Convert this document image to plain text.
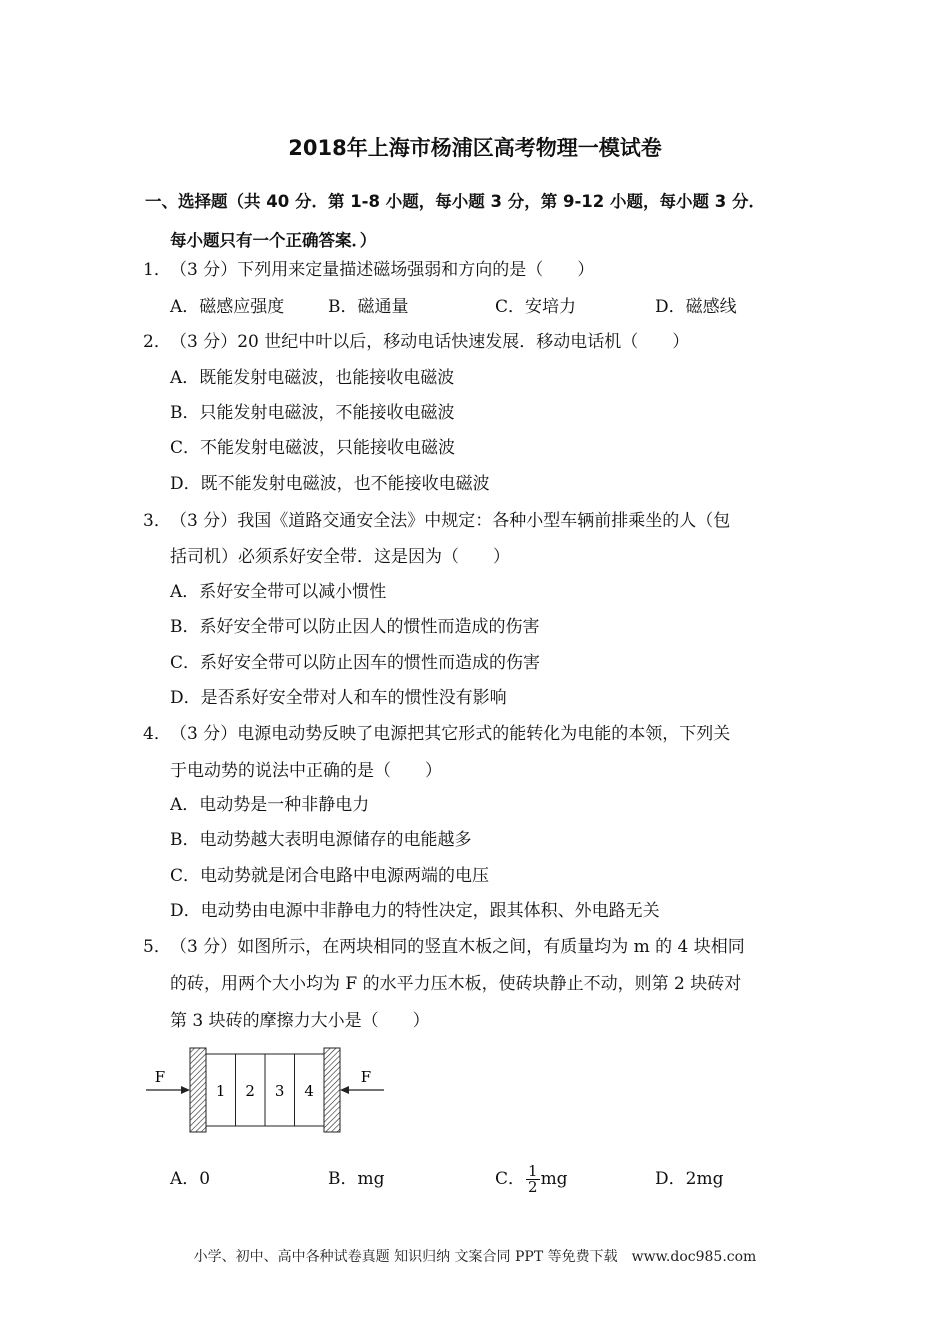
2018年上海市杨浦区高考物理一模试卷
一、选择题（共 40 分．第 1-8 小题，每小题 3 分，第 9-12 小题，每小题 3 分．
每小题只有一个正确答案．）
1． （3 分）下列用来定量描述磁场强弱和方向的是（　　）
A．磁感应强度	B．磁通量	C．安培力	D．磁感线
2． （3 分）20 世纪中叶以后，移动电话快速发展．移动电话机（　　）
A．既能发射电磁波，也能接收电磁波
B．只能发射电磁波，不能接收电磁波
C．不能发射电磁波，只能接收电磁波
D．既不能发射电磁波，也不能接收电磁波
3． （3 分）我国《道路交通安全法》中规定：各种小型车辆前排乘坐的人（包
括司机）必须系好安全带．这是因为（　　）
A．系好安全带可以减小惯性
B．系好安全带可以防止因人的惯性而造成的伤害
C．系好安全带可以防止因车的惯性而造成的伤害
D．是否系好安全带对人和车的惯性没有影响
4． （3 分）电源电动势反映了电源把其它形式的能转化为电能的本领，下列关
于电动势的说法中正确的是（　　）
A．电动势是一种非静电力
B．电动势越大表明电源储存的电能越多
C．电动势就是闭合电路中电源两端的电压
D．电动势由电源中非静电力的特性决定，跟其体积、外电路无关
5． （3 分）如图所示，在两块相同的竖直木板之间，有质量均为 m 的 4 块相同
的砖，用两个大小均为 F 的水平力压木板，使砖块静止不动，则第 2 块砖对
第 3 块砖的摩擦力大小是（　　）
1 2 3 4
F	F
A．0	B．mg	C． $\frac{1}{2}$ mg	D．2mg
小学、初中、高中各种试卷真题 知识归纳 文案合同 PPT 等免费下载　www.doc985.com
